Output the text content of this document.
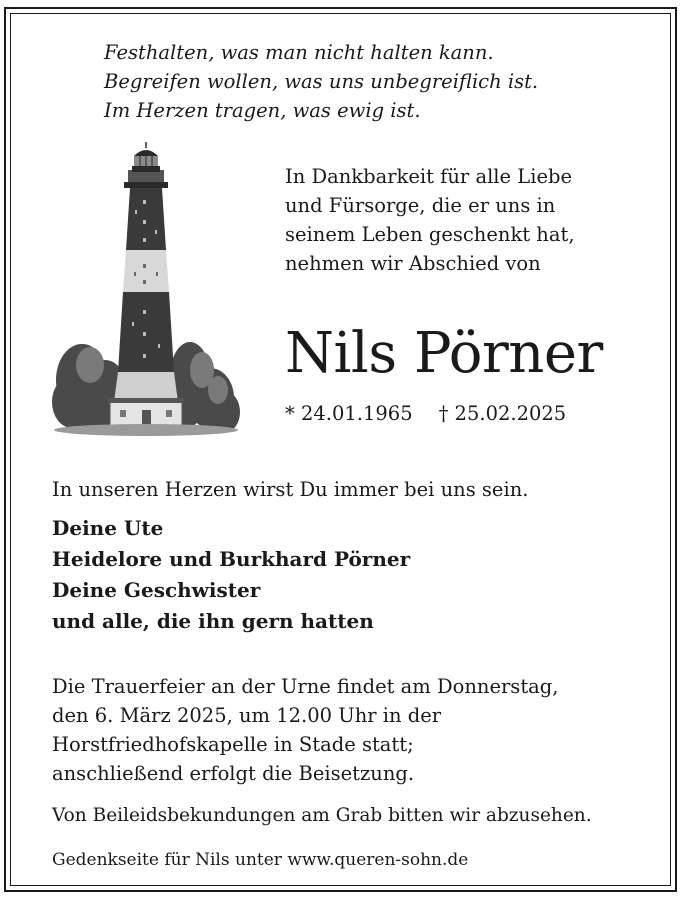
Festhalten, was man nicht halten kann.
Begreifen wollen, was uns unbegreiflich ist.
Im Herzen tragen, was ewig ist.
In Dankbarkeit für alle Liebe
und Fürsorge, die er uns in
seinem Leben geschenkt hat,
nehmen wir Abschied von
Nils Pörner
* 24.01.1965 † 25.02.2025

In unseren Herzen wirst Du immer bei uns sein.

Deine Ute
Heidelore und Burkhard Pörner
Deine Geschwister
und alle, die ihn gern hatten
Die Trauerfeier an der Urne findet am Donnerstag,
den 6. März 2025, um 12.00 Uhr in der
Horstfriedhofskapelle in Stade statt;
anschließend erfolgt die Beisetzung.

Von Beileidsbekundungen am Grab bitten wir abzusehen.

Gedenkseite für Nils unter www.queren-sohn.de
